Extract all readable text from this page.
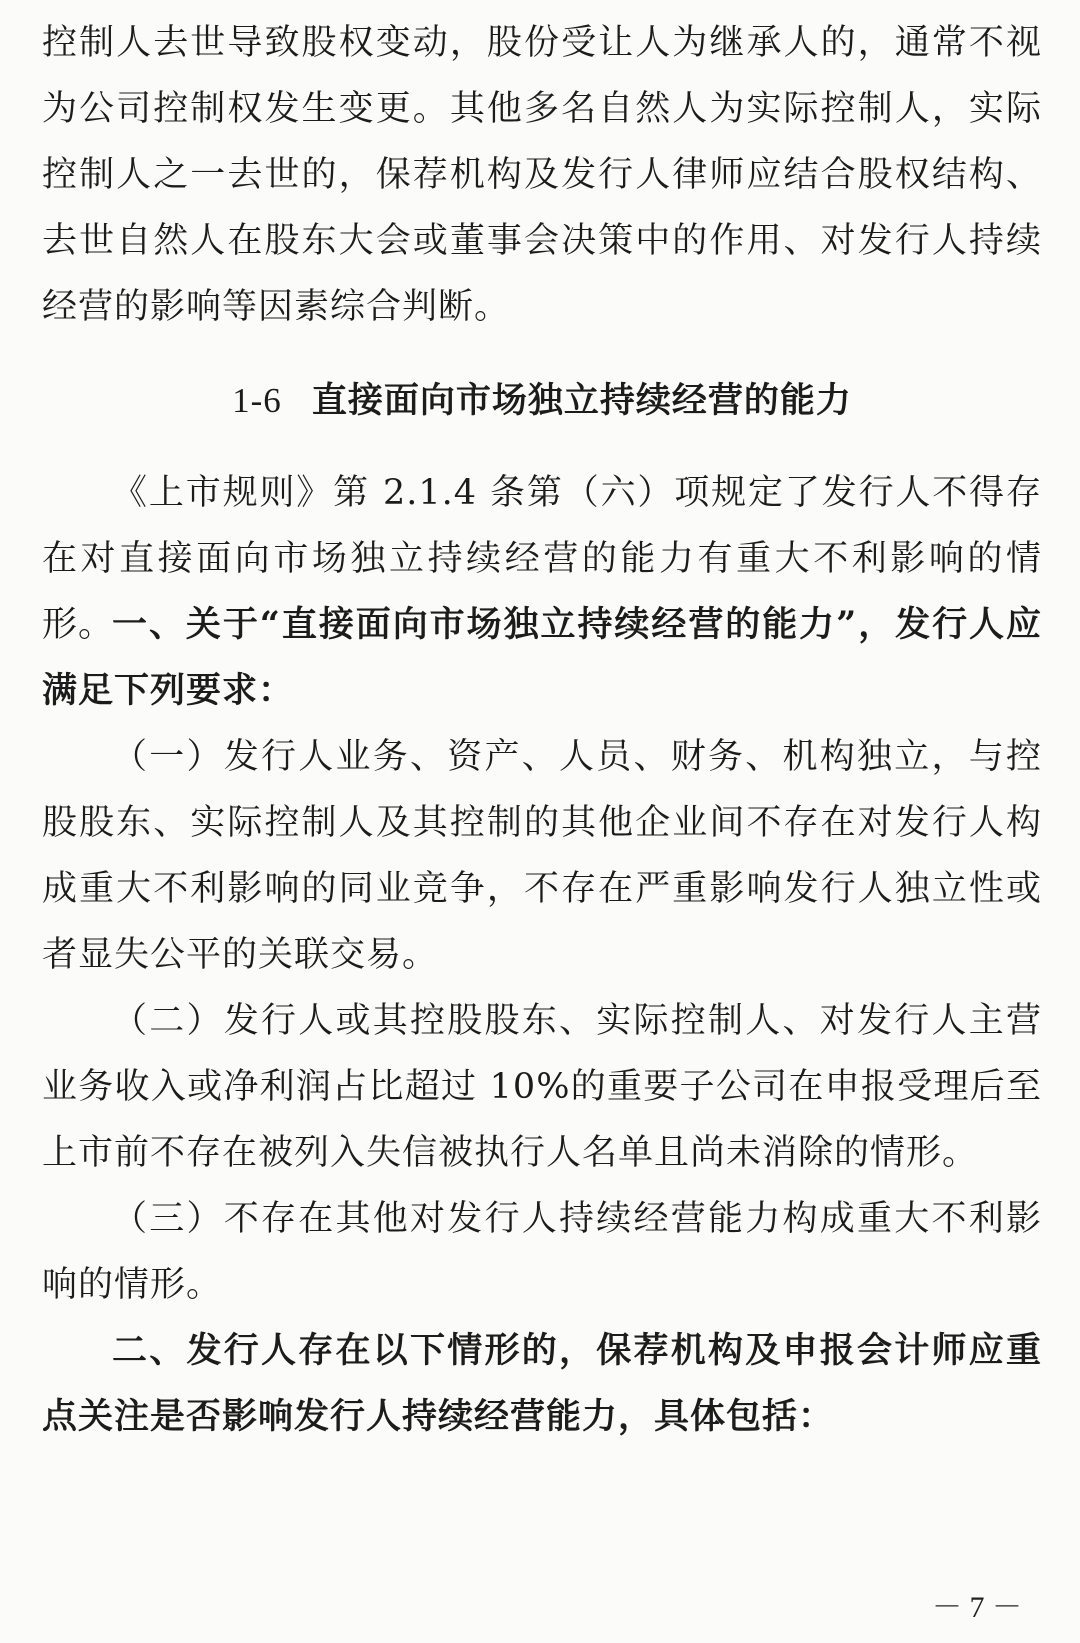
控制人去世导致股权变动，股份受让人为继承人的，通常不视为公司控制权发生变更。其他多名自然人为实际控制人，实际控制人之一去世的，保荐机构及发行人律师应结合股权结构、去世自然人在股东大会或董事会决策中的作用、对发行人持续经营的影响等因素综合判断。

1-6 直接面向市场独立持续经营的能力

《上市规则》第 2.1.4 条第（六）项规定了发行人不得存在对直接面向市场独立持续经营的能力有重大不利影响的情形。

一、关于“直接面向市场独立持续经营的能力”，发行人应满足下列要求：

（一）发行人业务、资产、人员、财务、机构独立，与控股股东、实际控制人及其控制的其他企业间不存在对发行人构成重大不利影响的同业竞争，不存在严重影响发行人独立性或者显失公平的关联交易。

（二）发行人或其控股股东、实际控制人、对发行人主营业务收入或净利润占比超过 10%的重要子公司在申报受理后至上市前不存在被列入失信被执行人名单且尚未消除的情形。

（三）不存在其他对发行人持续经营能力构成重大不利影响的情形。

二、发行人存在以下情形的，保荐机构及申报会计师应重点关注是否影响发行人持续经营能力，具体包括：

－ 7 －
